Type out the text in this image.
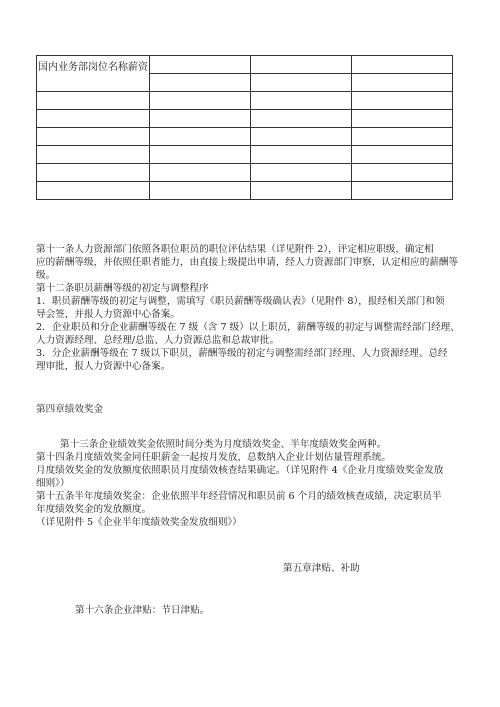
国内业务部岗位名称薪资			

第十一条人力资源部门依照各职位职员的职位评估结果（详见附件 2），评定相应职级，确定相
应的薪酬等级，并依照任职者能力，由直接上级提出申请，经人力资源部门审察，认定相应的薪酬等
级。
第十二条职员薪酬等级的初定与调整程序
1．职员薪酬等级的初定与调整，需填写《职员薪酬等级确认表》（见附件 8），报经相关部门和领
导会签，并报人力资源中心备案。
2．企业职员和分企业薪酬等级在 7 级（含 7 级）以上职员，薪酬等级的初定与调整需经部门经理、
人力资源经理、总经理/总监、人力资源总监和总裁审批。
3．分企业薪酬等级在 7 级以下职员，薪酬等级的初定与调整需经部门经理、人力资源经理、总经
理审批，报人力资源中心备案。
第四章绩效奖金
第十三条企业绩效奖金依照时间分类为月度绩效奖金、半年度绩效奖金两种。
第十四条月度绩效奖金同任职薪金一起按月发放，总数纳入企业计划估量管理系统。
月度绩效奖金的发放额度依照职员月度绩效核查结果确定。（详见附件 4《企业月度绩效奖金发放
细则》）
第十五条半年度绩效奖金：企业依照半年经营情况和职员前 6 个月的绩效核查成绩，决定职员半
年度绩效奖金的发放额度。
（详见附件 5《企业半年度绩效奖金发放细则》）
第五章津贴、补助
第十六条企业津贴：节日津贴。
